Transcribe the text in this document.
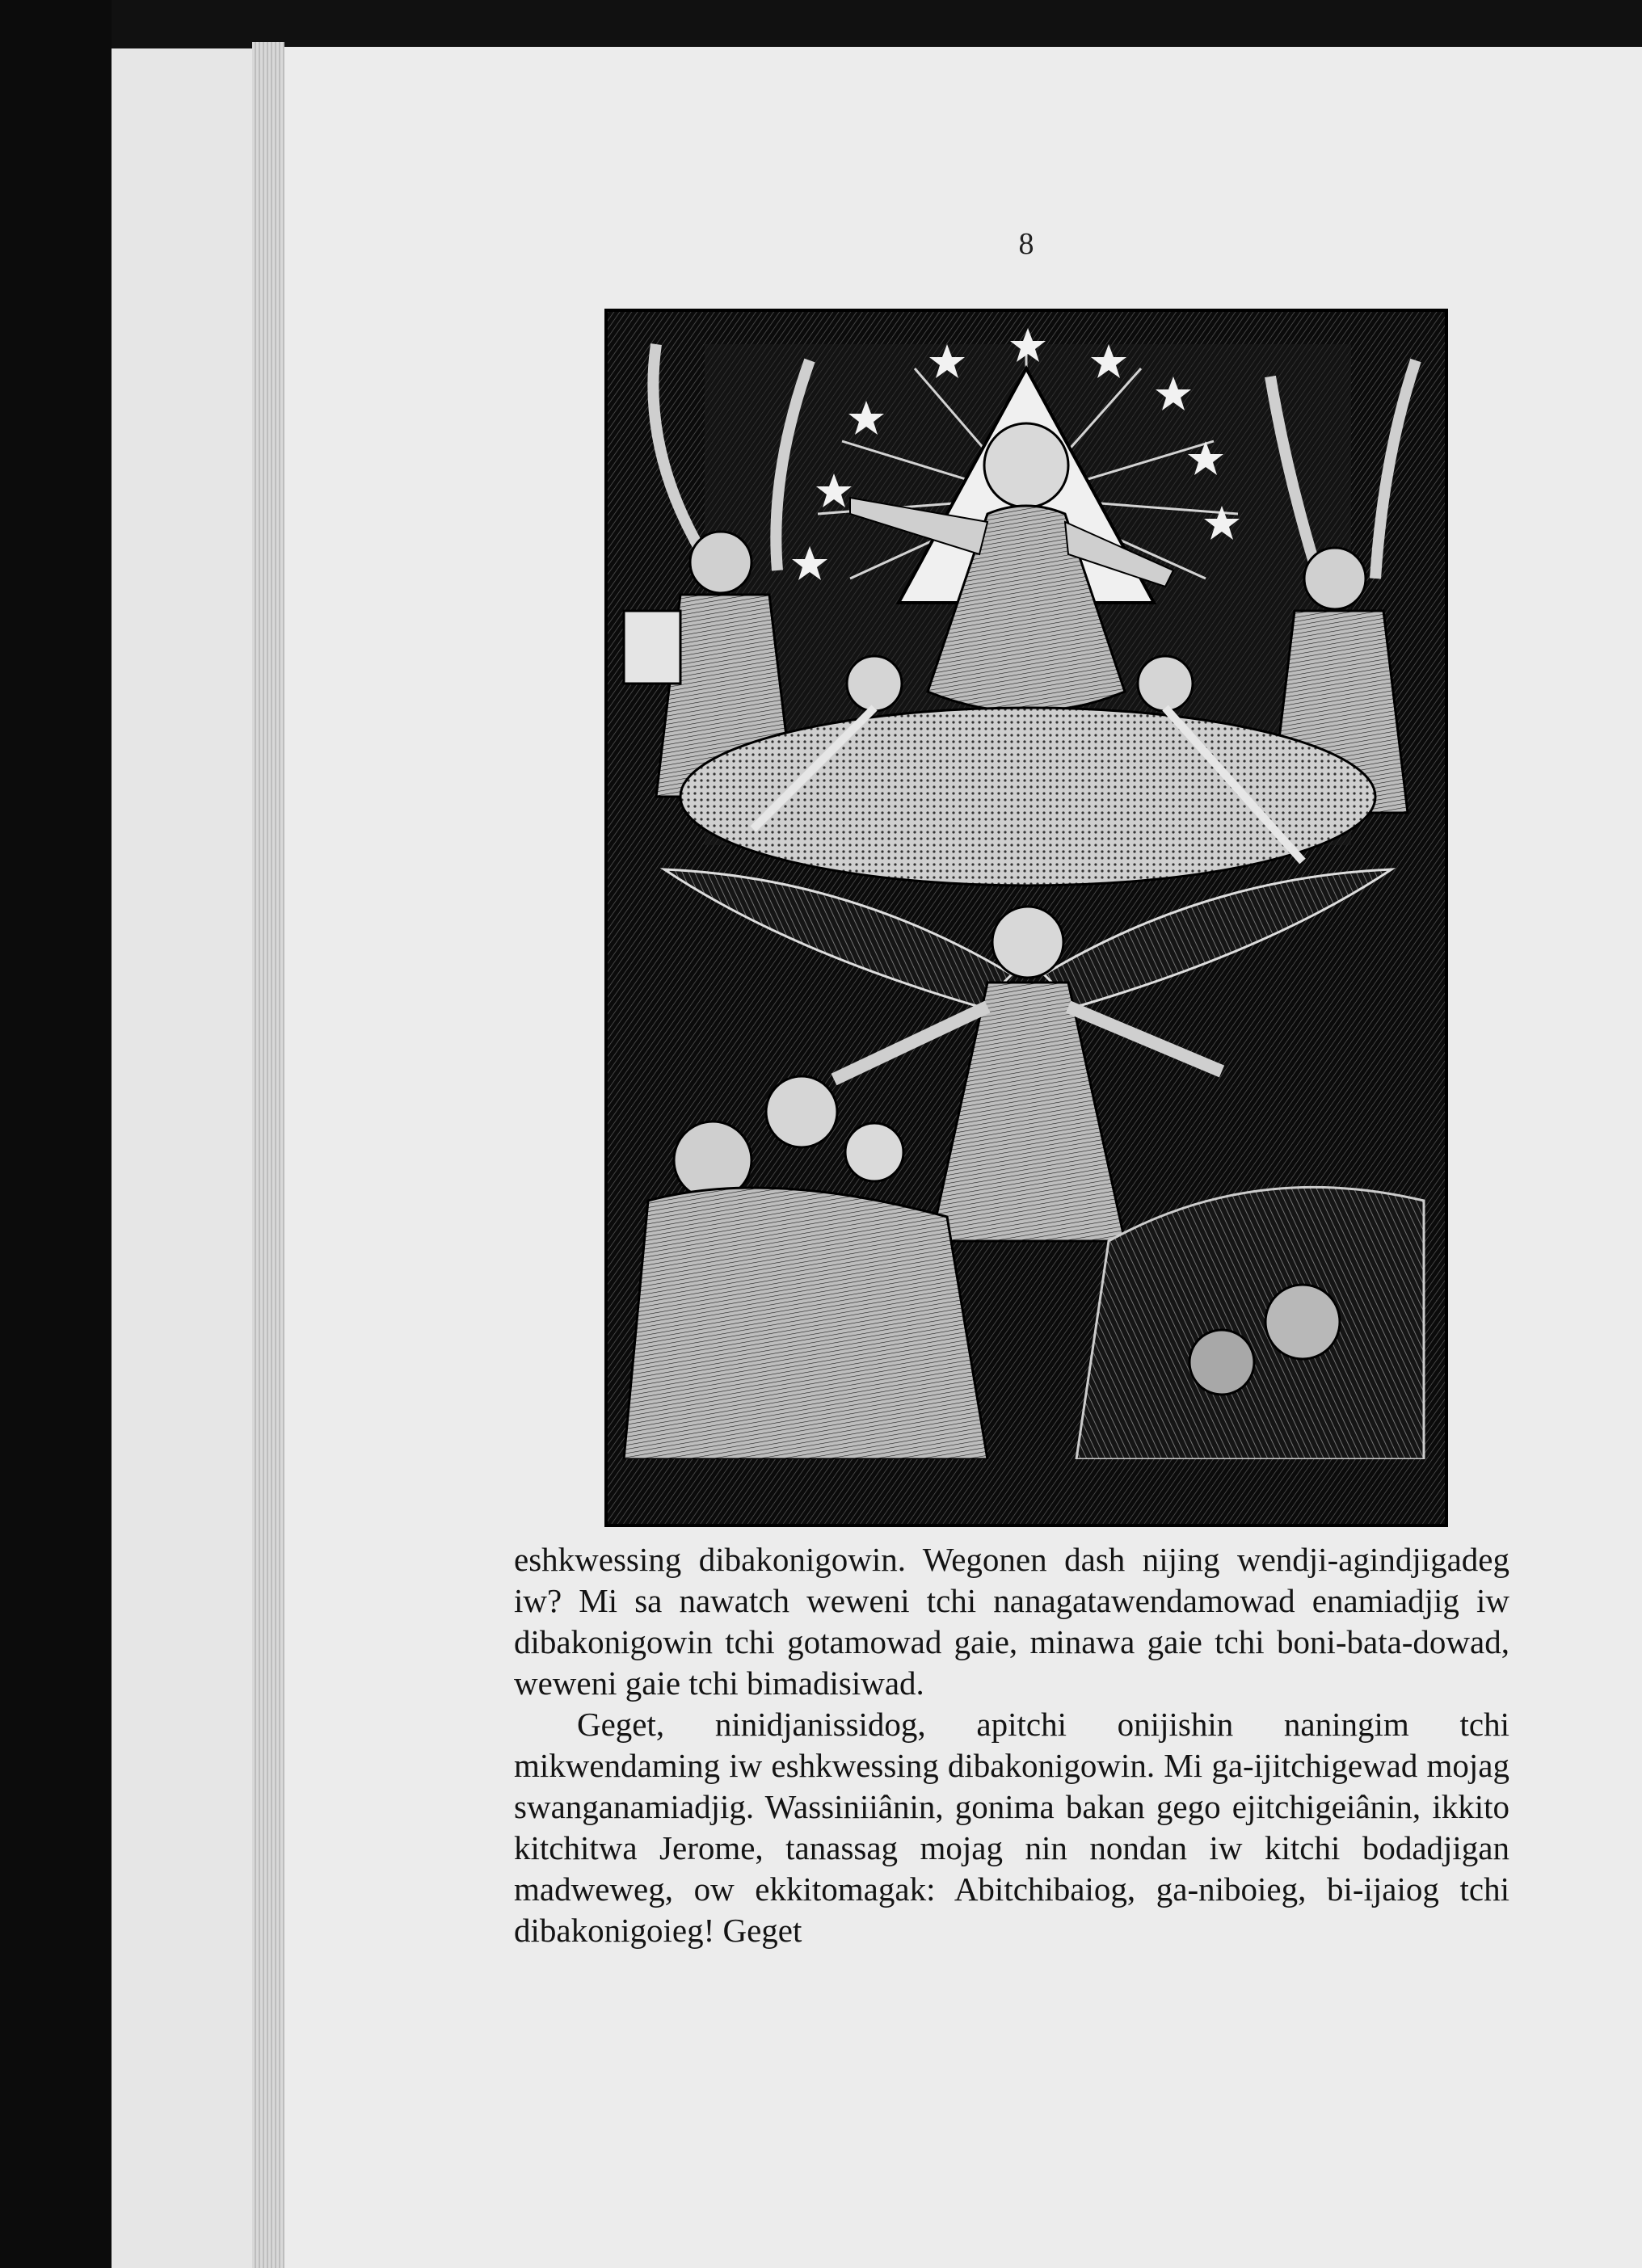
8

eshkwessing dibakonigowin. Wegonen dash nijing wendji-agindjigadeg iw? Mi sa nawatch weweni tchi nanagatawendamowad enamiadjig iw dibakonigowin tchi gotamowad gaie, minawa gaie tchi boni-bata-dowad, weweni gaie tchi bimadisiwad.

Geget, ninidjanissidog, apitchi onijishin naningim tchi mikwendaming iw eshkwessing dibakonigowin. Mi ga-ijitchigewad mojag swanganamiadjig. Wassiniiânin, gonima bakan gego ejitchigeiânin, ikkito kitchitwa Jerome, tanassag mojag nin nondan iw kitchi bodadjigan madweweg, ow ekkitomagak: Abitchibaiog, ga-niboieg, bi-ijaiog tchi dibakonigoieg! Geget
